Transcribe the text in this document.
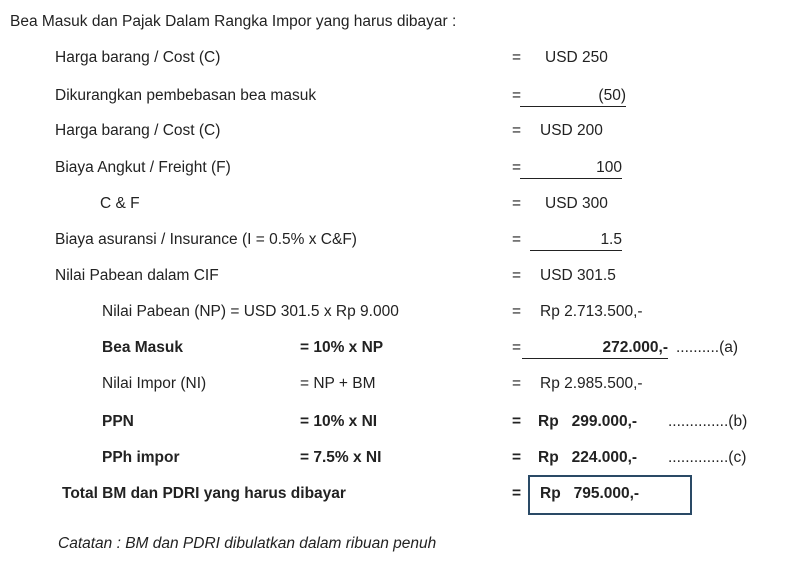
Bea Masuk dan Pajak Dalam Rangka Impor yang harus dibayar :
Harga barang / Cost (C)	= USD 250
Dikurangkan pembebasan bea masuk	=	(50)
Harga barang / Cost (C)	= USD 200
Biaya Angkut / Freight (F)	=	100
C & F	= USD 300
Biaya asuransi / Insurance (I = 0.5% x C&F)	=	1.5
Nilai Pabean dalam CIF	= USD 301.5
Nilai Pabean (NP) = USD 301.5 x Rp 9.000	= Rp 2.713.500,-
Bea Masuk	= 10% x NP	=	272.000,- ..........(a)
Nilai Impor (NI)	= NP + BM	= Rp 2.985.500,-
PPN	= 10% x NI	= Rp   299.000,- ..............(b)
PPh impor	= 7.5% x NI	= Rp   224.000,- ..............(c)
Total BM dan PDRI yang harus dibayar	= Rp   795.000,-
Catatan : BM dan PDRI dibulatkan dalam ribuan penuh
